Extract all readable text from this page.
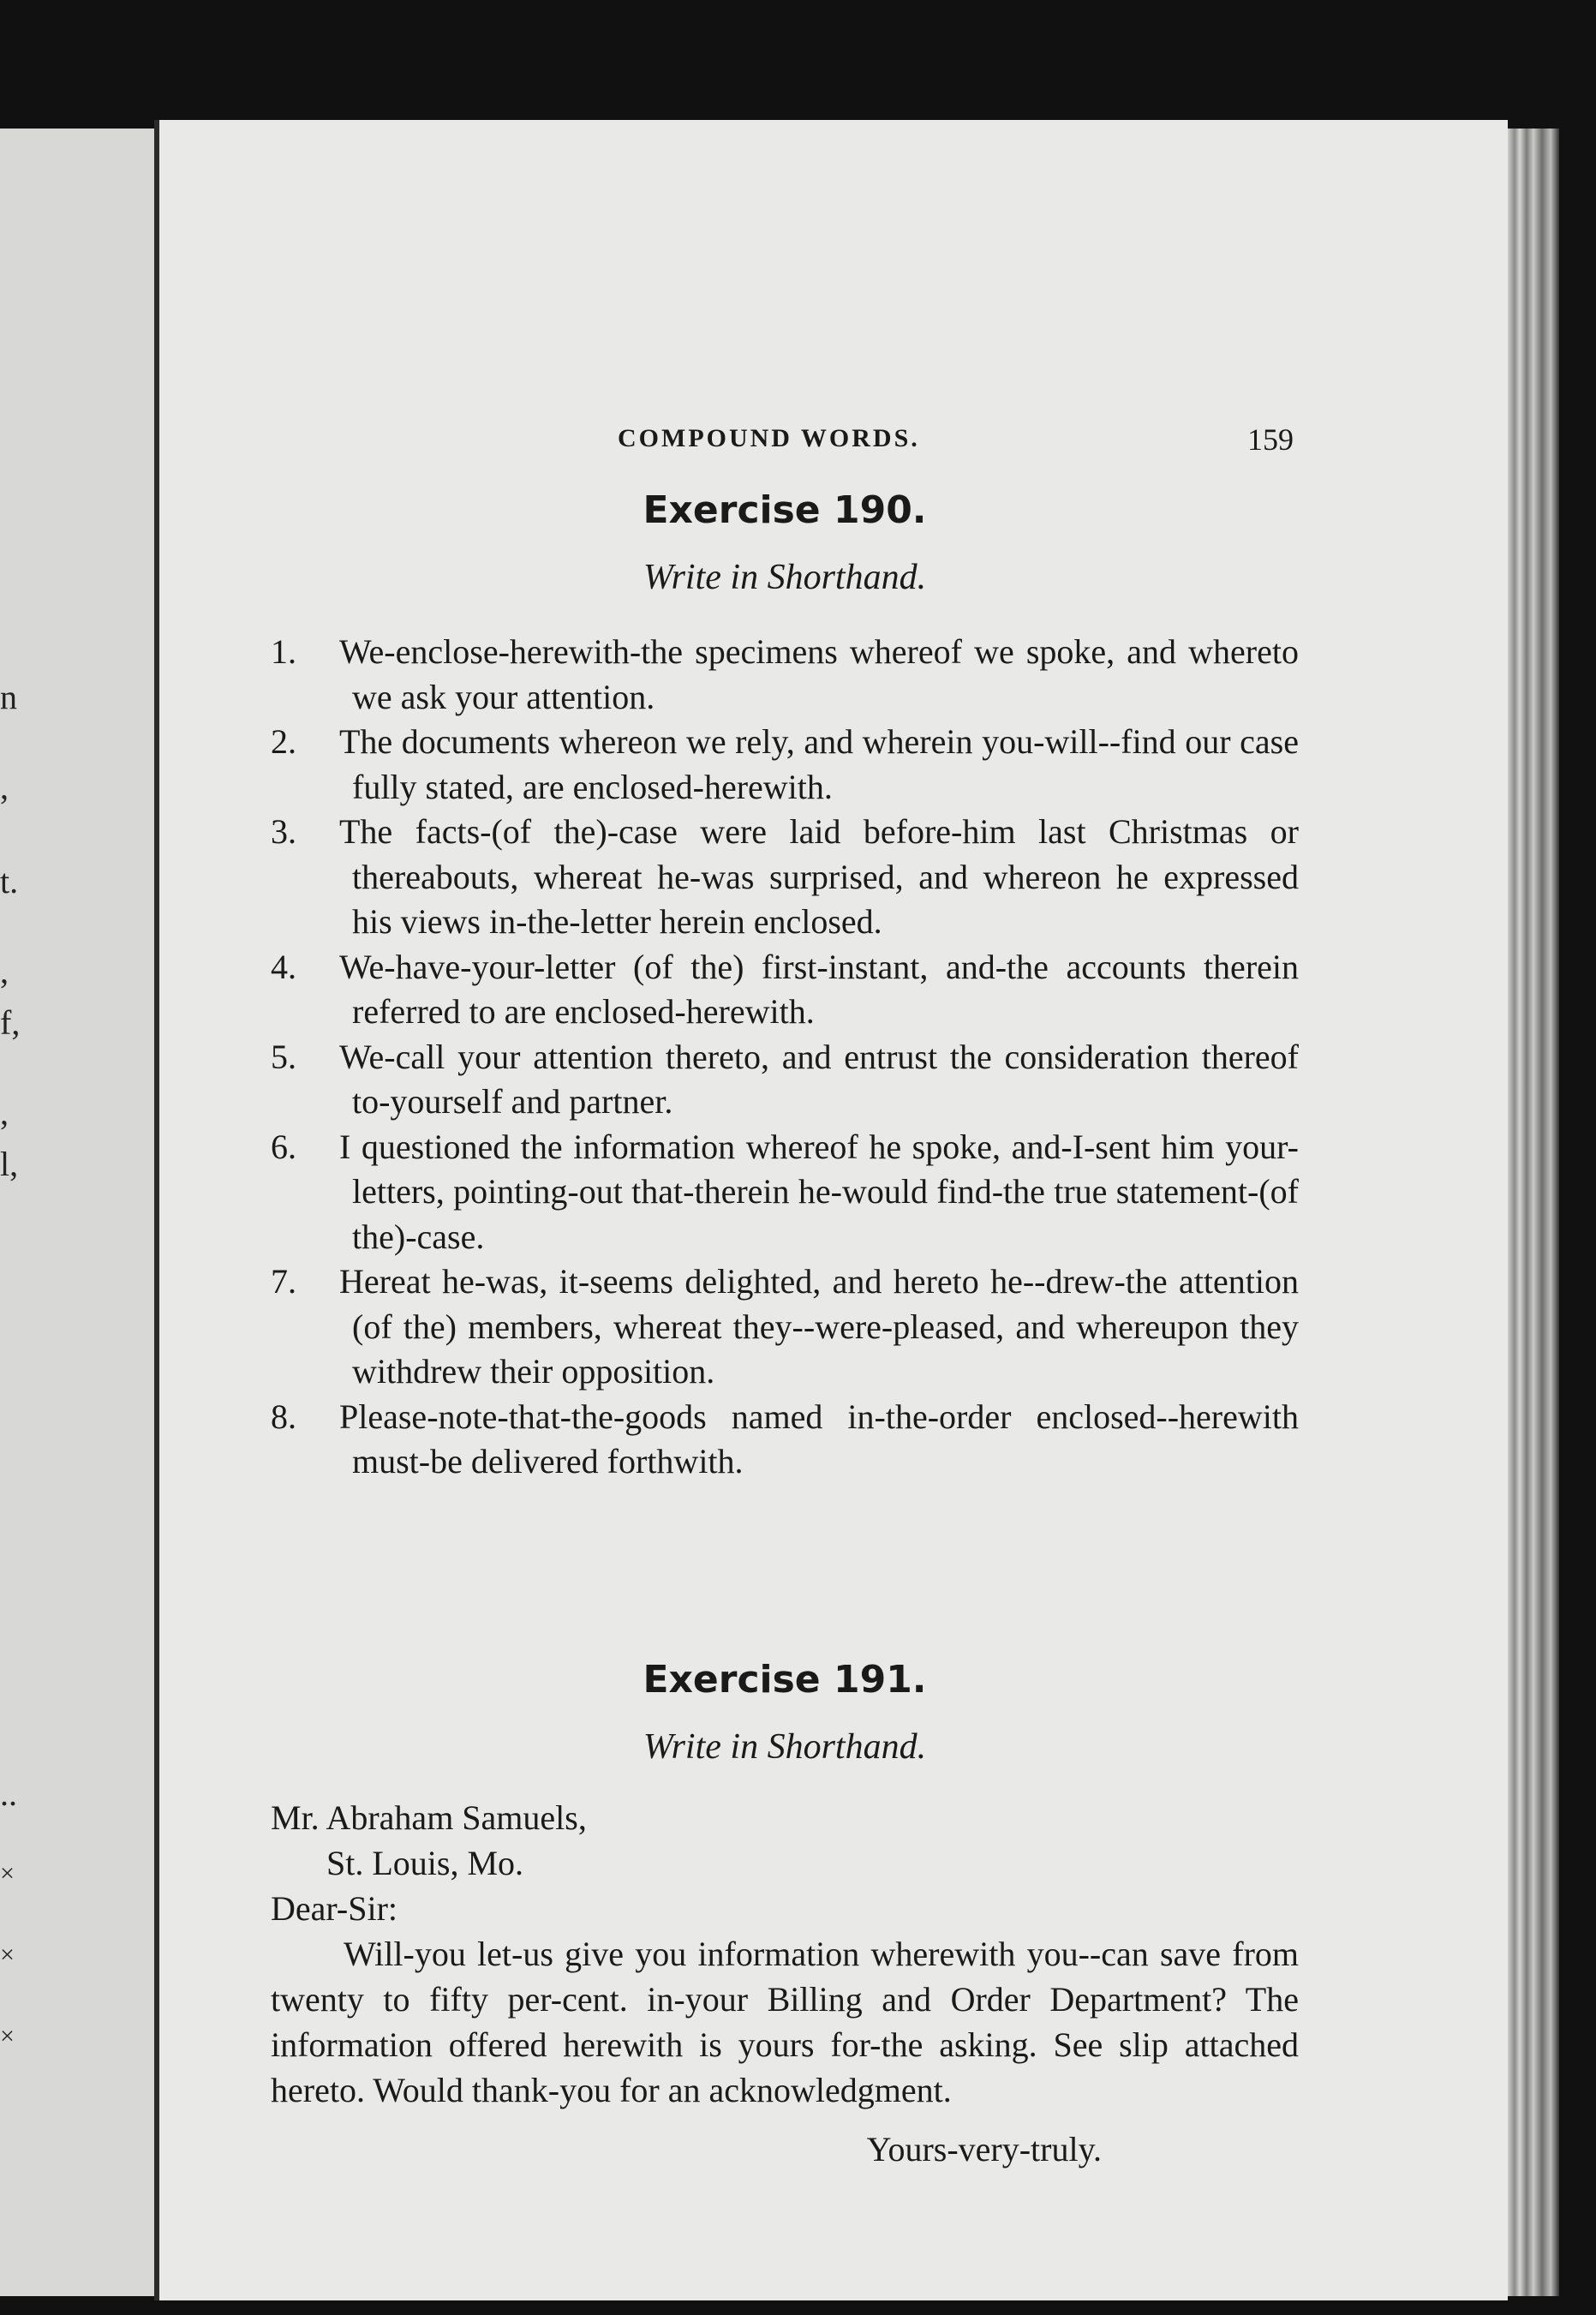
n
,
t.
,
f,
,
l,
..
×
×
×
COMPOUND WORDS.	159
Exercise 190.
Write in Shorthand.
1. We-enclose-herewith-the specimens whereof we spoke, and whereto we ask your attention.
2. The documents whereon we rely, and wherein you-will--find our case fully stated, are enclosed-herewith.
3. The facts-(of the)-case were laid before-him last Christmas or thereabouts, whereat he-was surprised, and whereon he expressed his views in-the-letter herein enclosed.
4. We-have-your-letter (of the) first-instant, and-the accounts therein referred to are enclosed-herewith.
5. We-call your attention thereto, and entrust the consideration thereof to-yourself and partner.
6. I questioned the information whereof he spoke, and-I-sent him your-letters, pointing-out that-therein he-would find-the true statement-(of the)-case.
7. Hereat he-was, it-seems delighted, and hereto he--drew-the attention (of the) members, whereat they--were-pleased, and whereupon they withdrew their opposition.
8. Please-note-that-the-goods named in-the-order enclosed--herewith must-be delivered forthwith.
Exercise 191.
Write in Shorthand.
Mr. Abraham Samuels,
St. Louis, Mo.
Dear-Sir:

Will-you let-us give you information wherewith you--can save from twenty to fifty per-cent. in-your Billing and Order Department? The information offered herewith is yours for-the asking. See slip attached hereto. Would thank-you for an acknowledgment.

Yours-very-truly.
